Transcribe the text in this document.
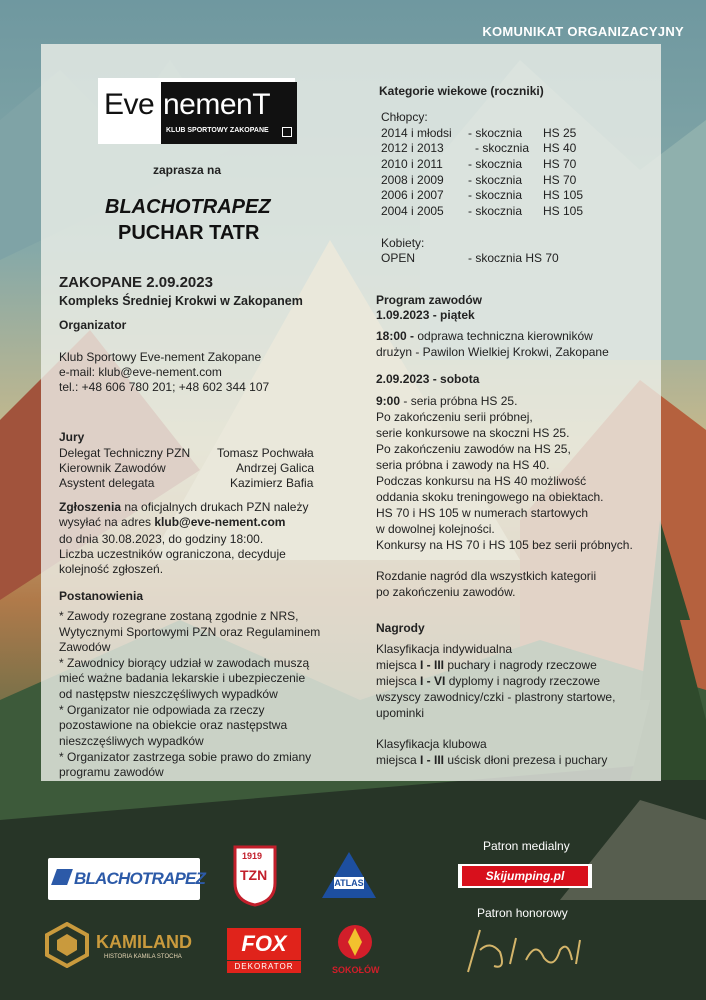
KOMUNIKAT ORGANIZACYJNY
Eve nemenT
KLUB SPORTOWY ZAKOPANE
zaprasza na
BLACHOTRAPEZ
PUCHAR TATR
ZAKOPANE 2.09.2023
Kompleks Średniej Krokwi w Zakopanem
Organizator
Klub Sportowy Eve-nement Zakopane
e-mail: klub@eve-nement.com
tel.: +48 606 780 201; +48 602 344 107
Jury
Delegat Techniczny PZN Tomasz Pochwała
Kierownik Zawodów	Andrzej Galica
Asystent delegata	Kazimierz Bafia
Zgłoszenia na oficjalnych drukach PZN należy
wysyłać na adres klub@eve-nement.com
do dnia 30.08.2023, do godziny 18:00.
Liczba uczestników ograniczona, decyduje
kolejność zgłoszeń.
Postanowienia
* Zawody rozegrane zostaną zgodnie z NRS,
Wytycznymi Sportowymi PZN oraz Regulaminem
Zawodów
* Zawodnicy biorący udział w zawodach muszą
mieć ważne badania lekarskie i ubezpieczenie
od następstw nieszczęśliwych wypadków
* Organizator nie odpowiada za rzeczy
pozostawione na obiekcie oraz następstwa
nieszczęśliwych wypadków
* Organizator zastrzega sobie prawo do zmiany
programu zawodów
Kategorie wiekowe (roczniki)
Chłopcy:
2014 i młodsi - skocznia HS 25
2012 i 2013	- skocznia HS 40
2010 i 2011 - skocznia HS 70
2008 i 2009 - skocznia HS 70
2006 i 2007 - skocznia HS 105
2004 i 2005 - skocznia HS 105
Kobiety:
OPEN	- skocznia HS 70
Program zawodów
1.09.2023 - piątek
18:00 - odprawa techniczna kierowników
drużyn - Pawilon Wielkiej Krokwi, Zakopane
2.09.2023 - sobota
9:00 - seria próbna HS 25.
Po zakończeniu serii próbnej,
serie konkursowe na skoczni HS 25.
Po zakończeniu zawodów na HS 25,
seria próbna i zawody na HS 40.
Podczas konkursu na HS 40 możliwość
oddania skoku treningowego na obiektach.
HS 70 i HS 105 w numerach startowych
w dowolnej kolejności.
Konkursy na HS 70 i HS 105 bez serii próbnych.
Rozdanie nagród dla wszystkich kategorii
po zakończeniu zawodów.
Nagrody
Klasyfikacja indywidualna
miejsca I - III puchary i nagrody rzeczowe
miejsca I - VI dyplomy i nagrody rzeczowe
wszyscy zawodnicy/czki - plastrony startowe,
upominki
Klasyfikacja klubowa
miejsca I - III uścisk dłoni prezesa i puchary
BLACHOTRAPEZ
1919
TZN	ATLAS
Patron medialny
Skijumping.pl
Patron honorowy
KAMILAND
HISTORIA KAMILA STOCHA
FOX
DEKORATOR	SOKOŁÓW
